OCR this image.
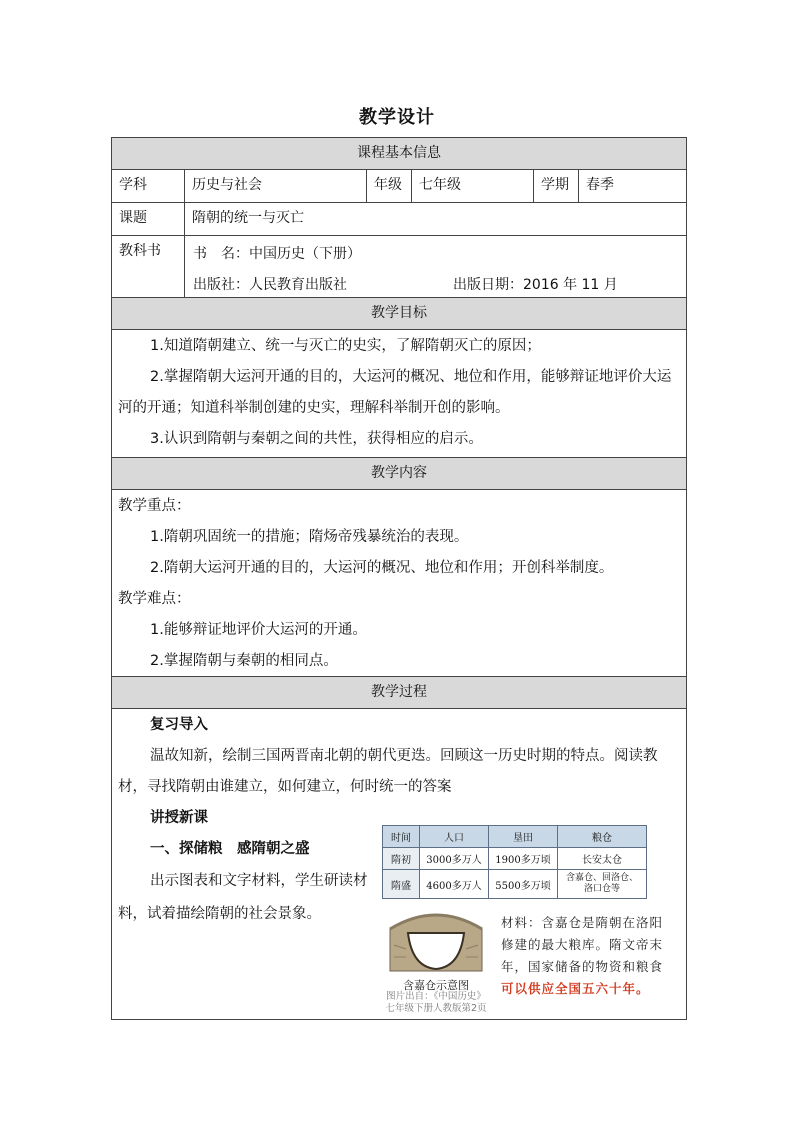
教学设计
课程基本信息
学科	历史与社会	年级	七年级	学期	春季
课题	隋朝的统一与灭亡
教科书	书　名：中国历史（下册）
出版社：人民教育出版社	出版日期：2016 年 11 月
教学目标
1.知道隋朝建立、统一与灭亡的史实，了解隋朝灭亡的原因；
2.掌握隋朝大运河开通的目的，大运河的概况、地位和作用，能够辩证地评价大运河的开通；知道科举制创建的史实，理解科举制开创的影响。
3.认识到隋朝与秦朝之间的共性，获得相应的启示。
教学内容
教学重点：
1.隋朝巩固统一的措施；隋炀帝残暴统治的表现。
2.隋朝大运河开通的目的，大运河的概况、地位和作用；开创科举制度。
教学难点：
1.能够辩证地评价大运河的开通。
2.掌握隋朝与秦朝的相同点。
教学过程
复习导入
温故知新，绘制三国两晋南北朝的朝代更迭。回顾这一历史时期的特点。阅读教材，寻找隋朝由谁建立，如何建立，何时统一的答案
讲授新课
一、探储粮　感隋朝之盛
出示图表和文字材料，学生研读材料，试着描绘隋朝的社会景象。
时间	人口	垦田	粮仓
隋初	3000多万人	1900多万顷	长安太仓
隋盛	4600多万人	5500多万顷	含嘉仓、回洛仓、洛口仓等
含嘉仓示意图
图片出自：《中国历史》
七年级下册人教版第2页
材料：含嘉仓是隋朝在洛阳修建的最大粮库。隋文帝末年，国家储备的物资和粮食可以供应全国五六十年。
